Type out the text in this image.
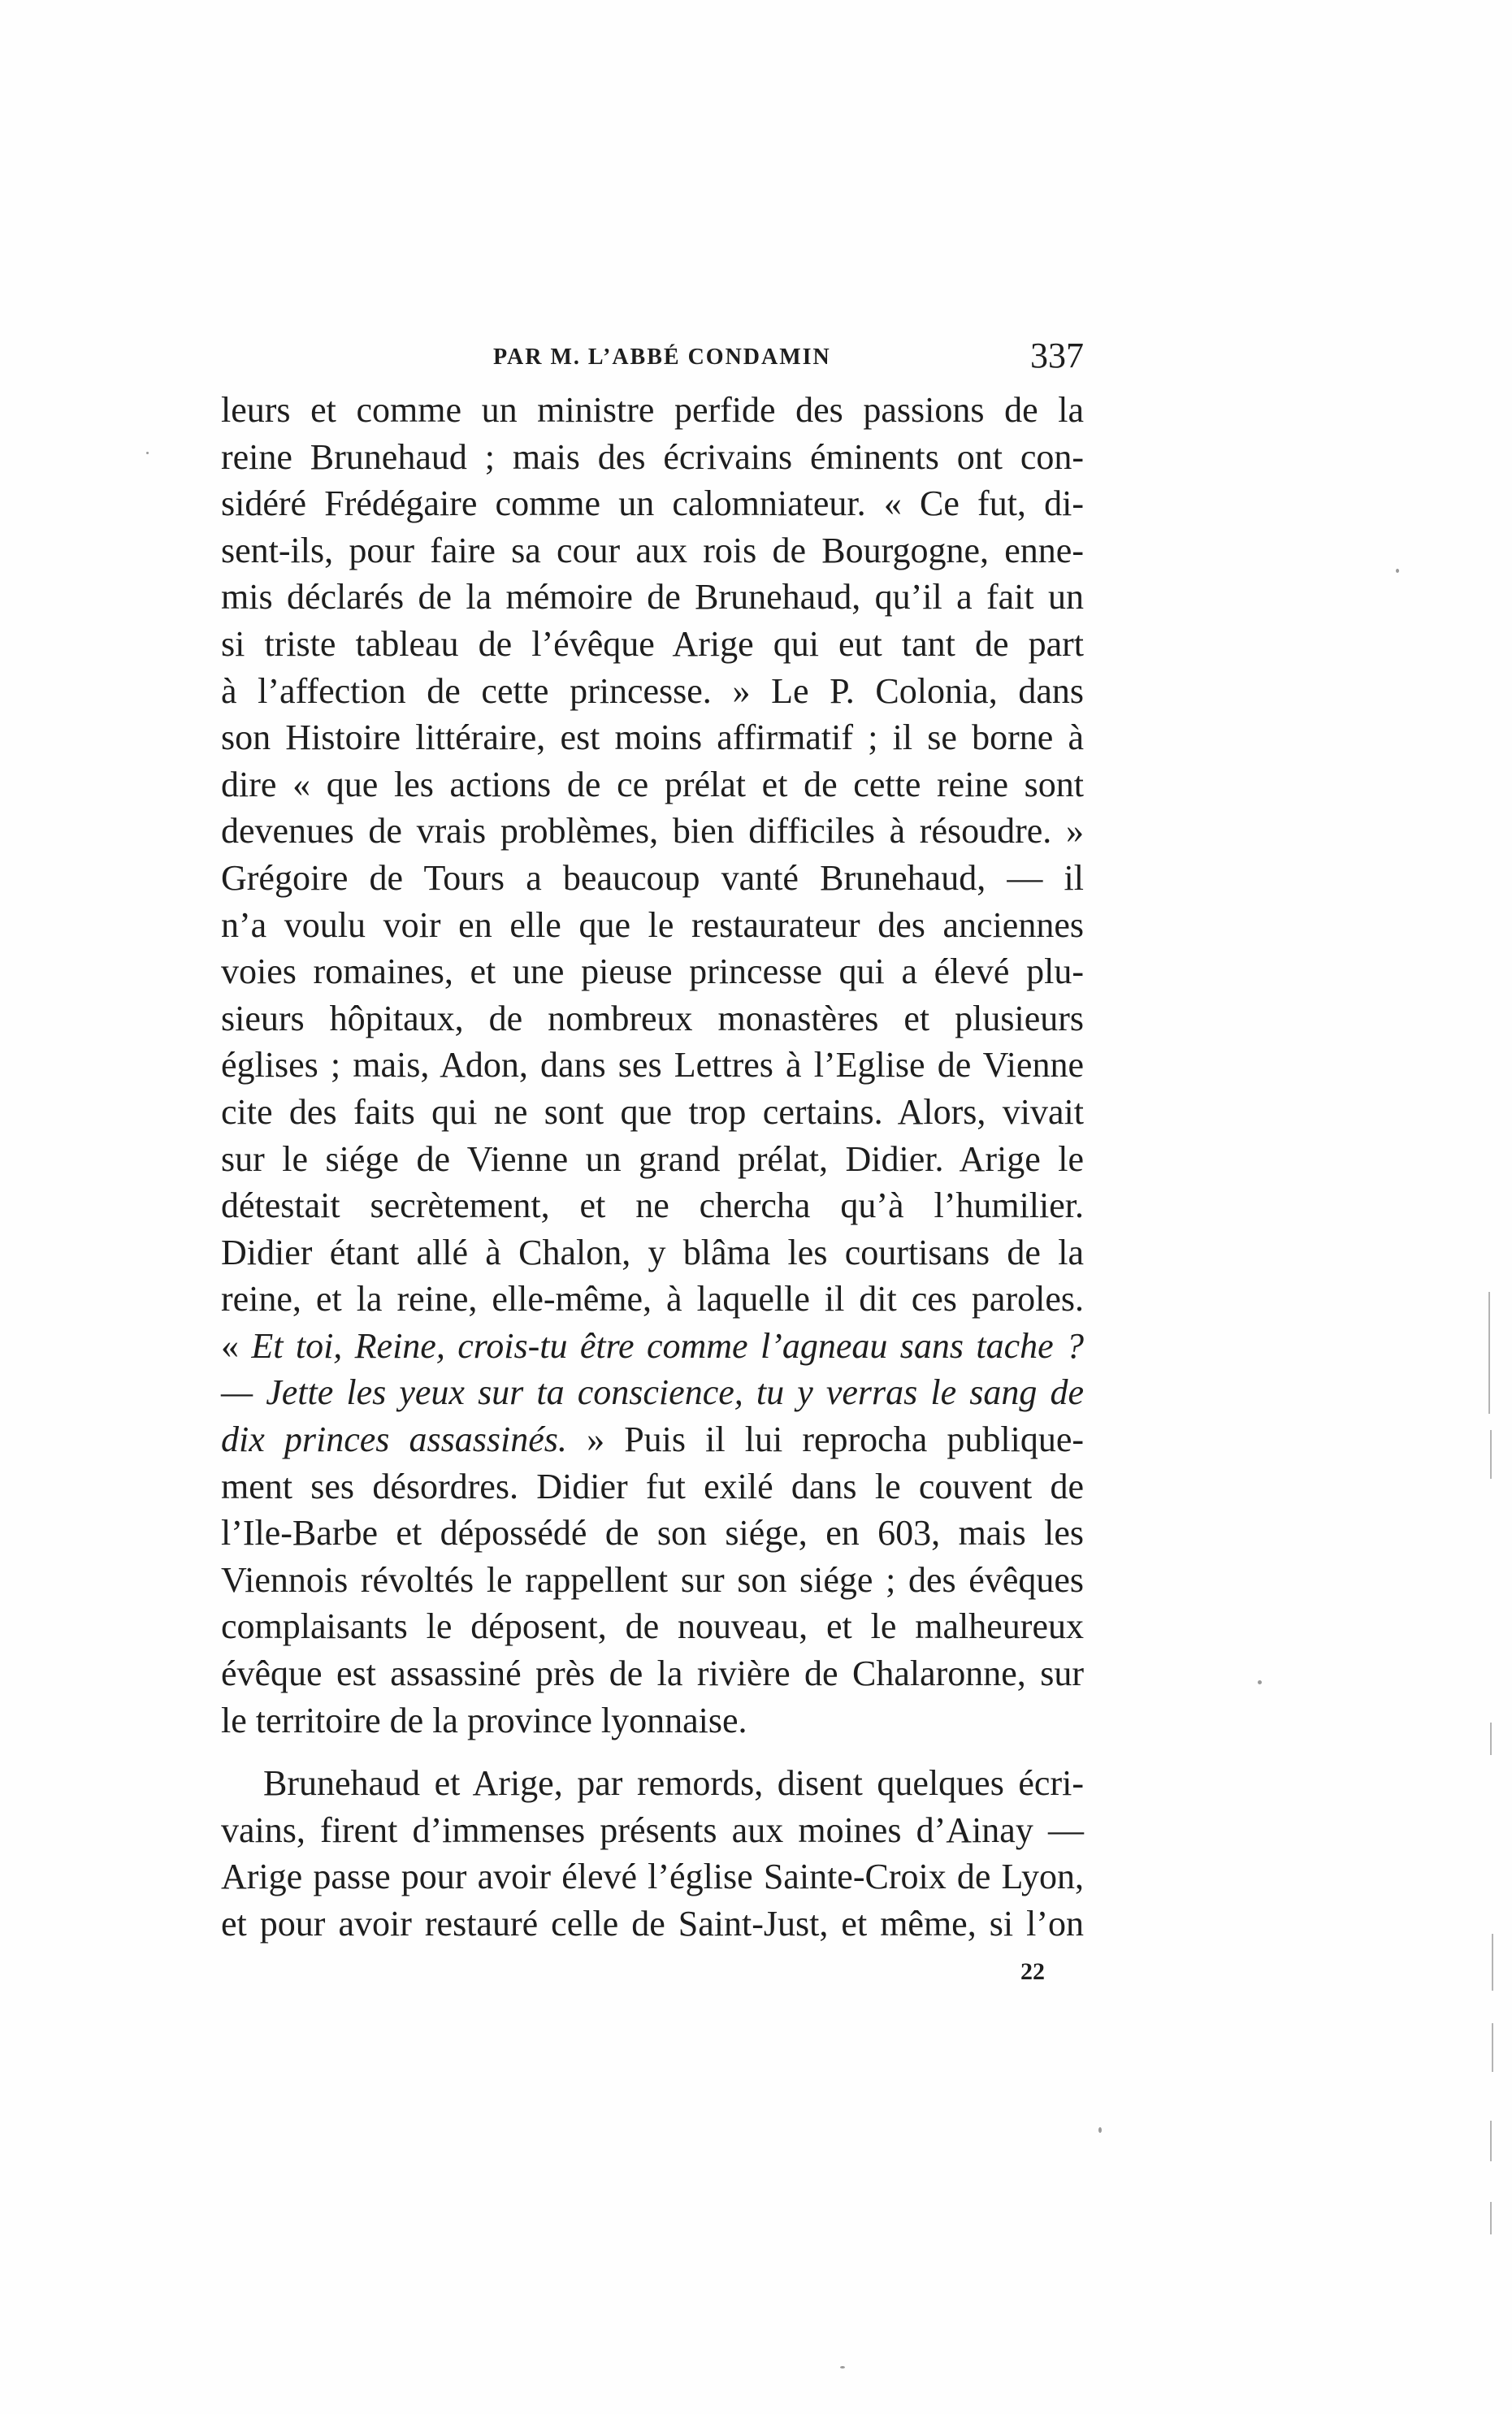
PAR M. L’ABBÉ CONDAMIN	337
leurs et comme un ministre perfide des passions de la
reine Brunehaud ; mais des écrivains éminents ont con-
sidéré Frédégaire comme un calomniateur. « Ce fut, di-
sent-ils, pour faire sa cour aux rois de Bourgogne, enne-
mis déclarés de la mémoire de Brunehaud, qu’il a fait un
si triste tableau de l’évêque Arige qui eut tant de part
à l’affection de cette princesse. » Le P. Colonia, dans
son Histoire littéraire, est moins affirmatif ; il se borne à
dire « que les actions de ce prélat et de cette reine sont
devenues de vrais problèmes, bien difficiles à résoudre. »
Grégoire de Tours a beaucoup vanté Brunehaud, — il
n’a voulu voir en elle que le restaurateur des anciennes
voies romaines, et une pieuse princesse qui a élevé plu-
sieurs hôpitaux, de nombreux monastères et plusieurs
églises ; mais, Adon, dans ses Lettres à l’Eglise de Vienne
cite des faits qui ne sont que trop certains. Alors, vivait
sur le siége de Vienne un grand prélat, Didier. Arige le
détestait secrètement, et ne chercha qu’à l’humilier.
Didier étant allé à Chalon, y blâma les courtisans de la
reine, et la reine, elle-même, à laquelle il dit ces paroles.
« Et toi, Reine, crois-tu être comme l’agneau sans tache ?
— Jette les yeux sur ta conscience, tu y verras le sang de
dix princes assassinés. » Puis il lui reprocha publique-
ment ses désordres. Didier fut exilé dans le couvent de
l’Ile-Barbe et dépossédé de son siége, en 603, mais les
Viennois révoltés le rappellent sur son siége ; des évêques
complaisants le déposent, de nouveau, et le malheureux
évêque est assassiné près de la rivière de Chalaronne, sur
le territoire de la province lyonnaise.
Brunehaud et Arige, par remords, disent quelques écri-
vains, firent d’immenses présents aux moines d’Ainay —
Arige passe pour avoir élevé l’église Sainte-Croix de Lyon,
et pour avoir restauré celle de Saint-Just, et même, si l’on
22
